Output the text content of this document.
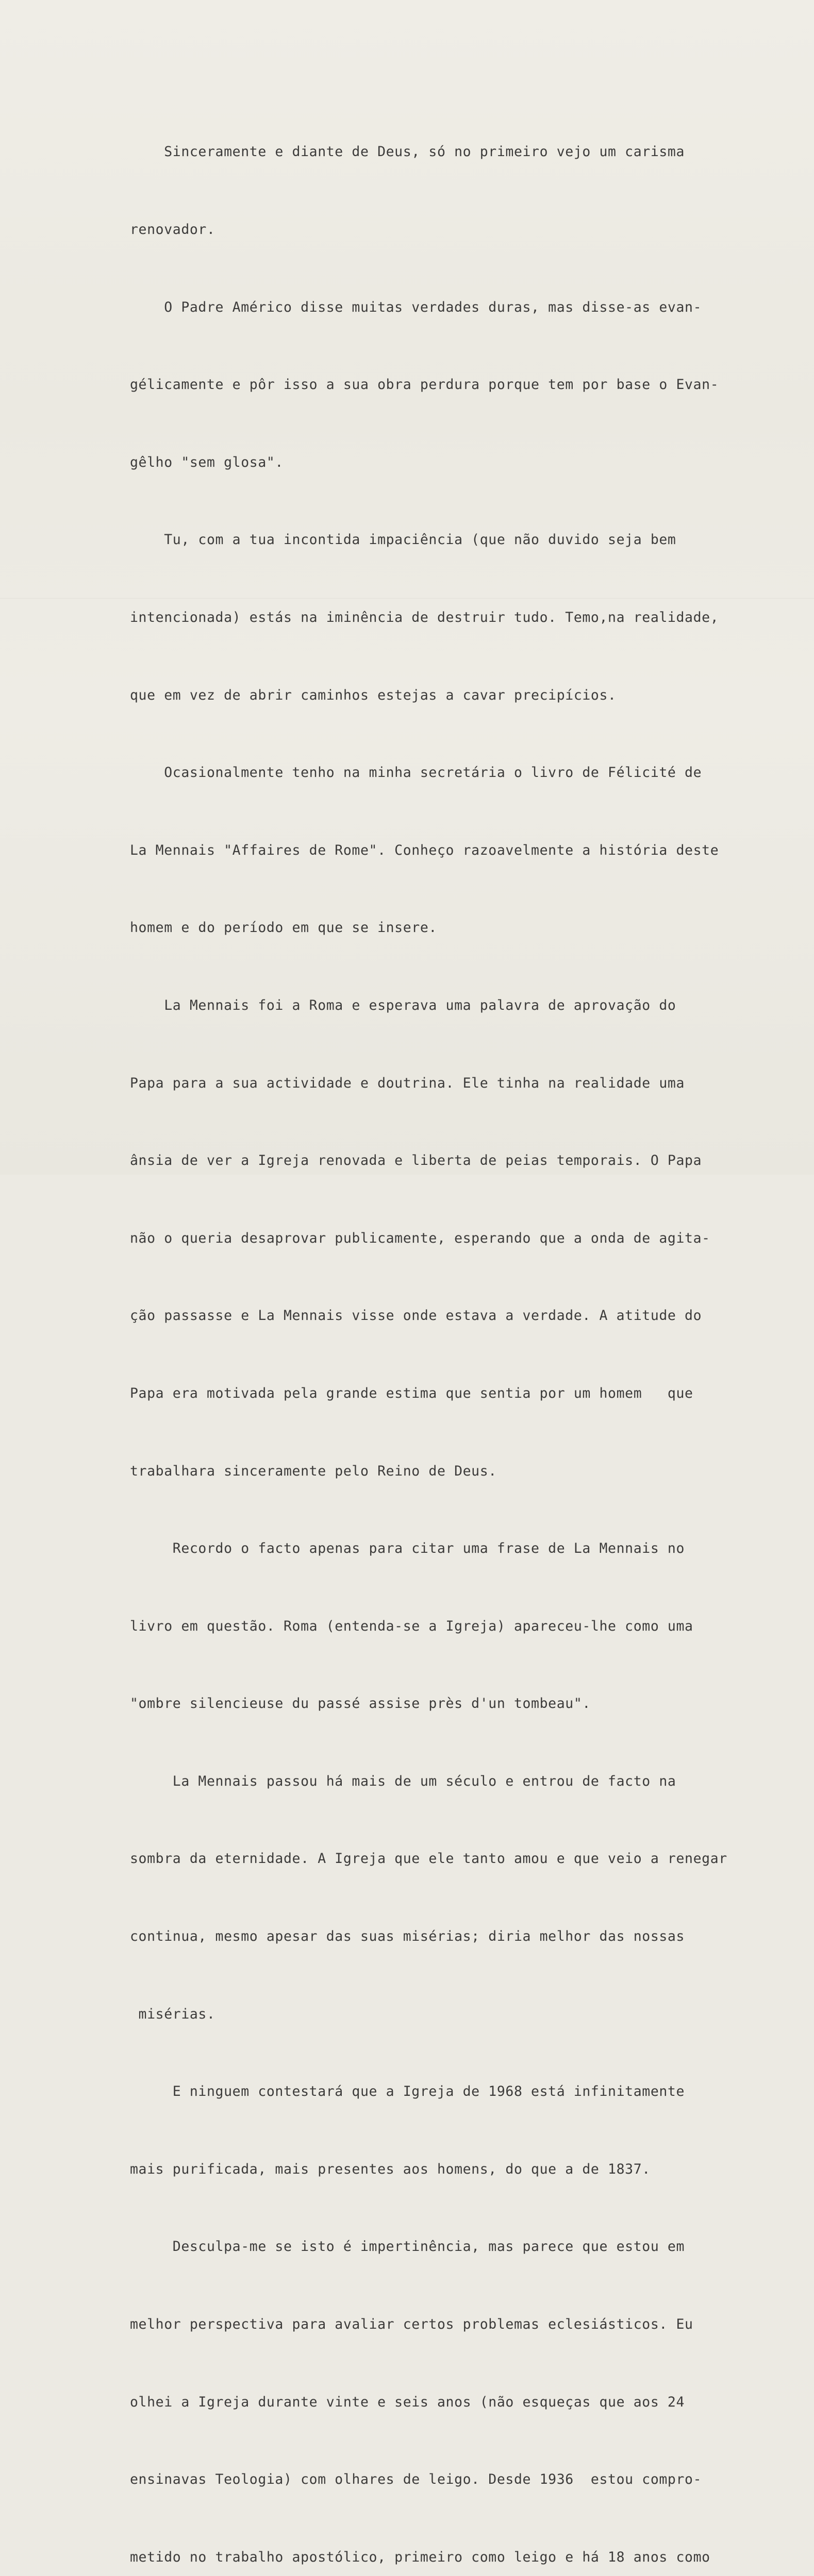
Sinceramente e diante de Deus, só no primeiro vejo um carisma

renovador.

O Padre Américo disse muitas verdades duras, mas disse-as evan-

gélicamente e pôr isso a sua obra perdura porque tem por base o Evan-

gêlho "sem glosa".

Tu, com a tua incontida impaciência (que não duvido seja bem

intencionada) estás na iminência de destruir tudo. Temo,na realidade,

que em vez de abrir caminhos estejas a cavar precipícios.

Ocasionalmente tenho na minha secretária o livro de Félicité de

La Mennais "Affaires de Rome". Conheço razoavelmente a história deste

homem e do período em que se insere.

La Mennais foi a Roma e esperava uma palavra de aprovação do

Papa para a sua actividade e doutrina. Ele tinha na realidade uma

ânsia de ver a Igreja renovada e liberta de peias temporais. O Papa

não o queria desaprovar publicamente, esperando que a onda de agita-

ção passasse e La Mennais visse onde estava a verdade. A atitude do

Papa era motivada pela grande estima que sentia por um homem   que

trabalhara sinceramente pelo Reino de Deus.

Recordo o facto apenas para citar uma frase de La Mennais no

livro em questão. Roma (entenda-se a Igreja) apareceu-lhe como uma

"ombre silencieuse du passé assise près d'un tombeau".

La Mennais passou há mais de um século e entrou de facto na

sombra da eternidade. A Igreja que ele tanto amou e que veio a renegar

continua, mesmo apesar das suas misérias; diria melhor das nossas

misérias.

E ninguem contestará que a Igreja de 1968 está infinitamente

mais purificada, mais presentes aos homens, do que a de 1837.

Desculpa-me se isto é impertinência, mas parece que estou em

melhor perspectiva para avaliar certos problemas eclesiásticos. Eu

olhei a Igreja durante vinte e seis anos (não esqueças que aos 24

ensinavas Teologia) com olhares de leigo. Desde 1936  estou compro-

metido no trabalho apostólico, primeiro como leigo e há 18 anos como
